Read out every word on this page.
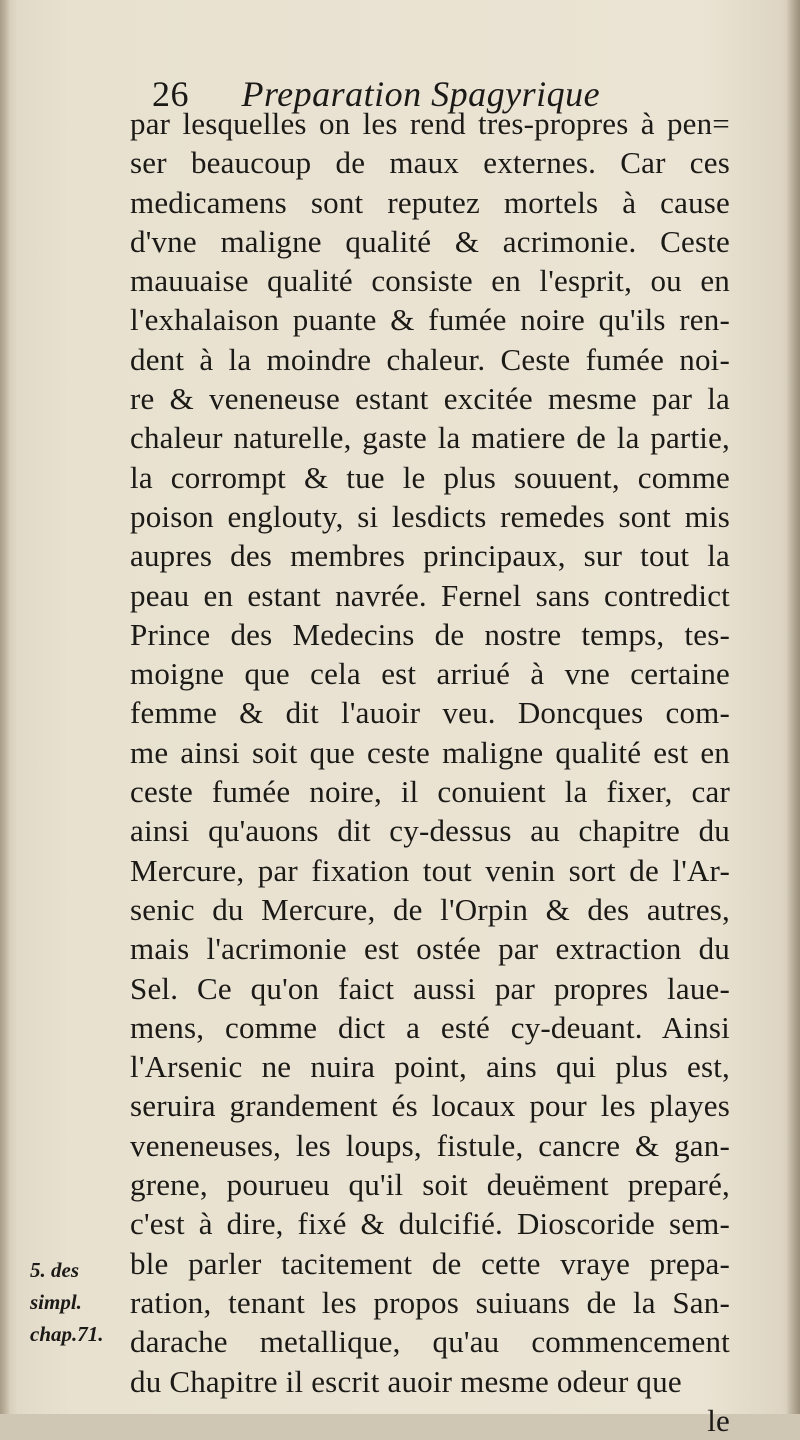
26 Preparation Spagyrique
par lesquelles on les rend tres-propres à pen=
ser beaucoup de maux externes. Car ces
medicamens sont reputez mortels à cause
d'vne maligne qualité & acrimonie. Ceste
mauuaise qualité consiste en l'esprit, ou en
l'exhalaison puante & fumée noire qu'ils ren-
dent à la moindre chaleur. Ceste fumée noi-
re & veneneuse estant excitée mesme par la
chaleur naturelle, gaste la matiere de la partie,
la corrompt & tue le plus souuent, comme
poison englouty, si lesdicts remedes sont mis
aupres des membres principaux, sur tout la
peau en estant navrée. Fernel sans contredict
Prince des Medecins de nostre temps, tes-
moigne que cela est arriué à vne certaine
femme & dit l'auoir veu. Doncques com-
me ainsi soit que ceste maligne qualité est en
ceste fumée noire, il conuient la fixer, car
ainsi qu'auons dit cy-dessus au chapitre du
Mercure, par fixation tout venin sort de l'Ar-
senic du Mercure, de l'Orpin & des autres,
mais l'acrimonie est ostée par extraction du
Sel. Ce qu'on faict aussi par propres laue-
mens, comme dict a esté cy-deuant. Ainsi
l'Arsenic ne nuira point, ains qui plus est,
seruira grandement és locaux pour les playes
veneneuses, les loups, fistule, cancre & gan-
grene, pourueu qu'il soit deuëment preparé,
c'est à dire, fixé & dulcifié. Dioscoride sem-
ble parler tacitement de cette vraye prepa-
ration, tenant les propos suiuans de la San-
darache metallique, qu'au commencement
du Chapitre il escrit auoir mesme odeur que
le
5. des
simpl.
chap.71.
